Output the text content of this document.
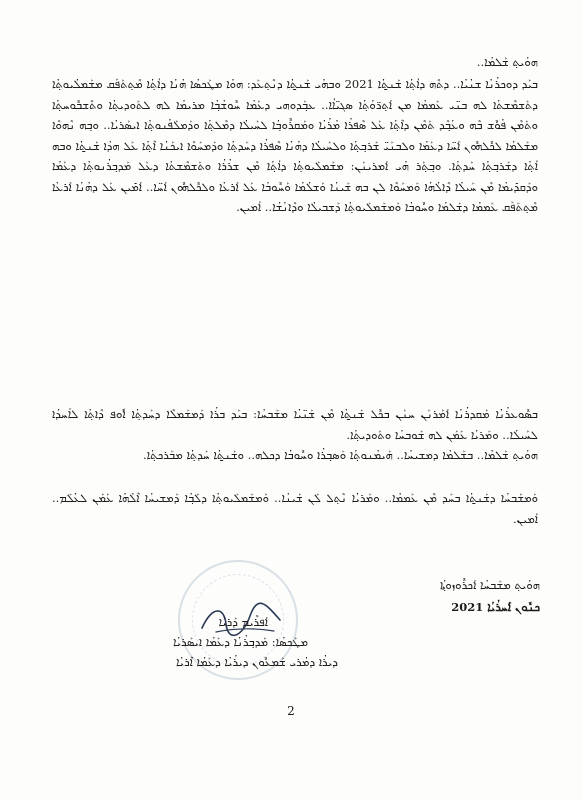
ܗܘܳܝܬ݂ ܫܰܠܡܳܐ..
ܒܝܰܕ ܕܘܟܪܳܢܳܐ ܫܢܳܝܳܐ.. ܕܬܶܗ ܕܐܳܬ݂ܳܐ ܫܰܢ̱ܬ݂ܳܐ 2021 ܘܒܗܳܝ ܫܰܢ̱ܬ݂ܳܐ ܕܢܶܬ݂ܥܰܕ: ܗܘܳܐ ܡܛܰܟܣܳܐ ܗܳܢܳܐ ܕܐܳܬ݂ܳܐ ܡܶܬ݂ܬܰܦܰܩ ܡܫܰܡܠܳܝܘܬ݂ܳܐ ܕܬܰܫܡܶܫܬܳܐ ܠܗ ܒܢ̈ܝ ܥܰܡܡܳܐ ܡܢ ܐܰܬ݂ܪ̈ܘܳܬ݂ܳܐ ܣܓܝ̈ܐܳܐ.. ܥܒ݂ܰܕܘܗܝ ܕܥܰܡܳܐ ܚܽܘܫܳܒ݂ܳܐ ܡܪܝܡܳܐ ܠܗ ܠܬܰܘܕܝܬ݂ܳܐ ܘܬܶܫܒܽܘܚܬ݂ܳܐ ܘܬܰܡܶܢ ܦܳܘܽܫ ܒܶܗ ܘܥܳܒ݂ܶܕ ܬܰܡܶܢ ܕܐܶܬ݂ܳܐ ܥܰܠ ܣܶܦܪܳܐ ܡܳܪܳܝܳܐ ܘܡܰܩܪܽܘܒ݂ܳܐ ܠܚܰܝܠܳܐ ܕܡܶܠܬ݂ܳܐ ܘܕܰܡܠܰܦܳܢܘܬ݂ܳܐ ܐܝܣܰܪܝܳܐ.. ܘܒ݂ܗ ܢܶܗܘܶܐ ܡܫܰܠܡܳܐ ܠܟܽܠܗܽܘܢ ܐܰܚ̈ܐ ܕܥܰܡܳܐ ܘܠܒܢܰܝ̈ ܫܰܪܒ݂ܬ݂ܳܐ ܘܠܚܰܝܠܳܐ ܕܗܳܢܳܐ ܣܶܦܪܳܐ ܕܚܰܕܬ݂ܳܐ ܘܕܰܡܚܰܘܶܐ ܐܝܟܰܢܳܐ ܐܶܬ݂ܳܐ ܥܰܠ ܗܕܳܐ ܫܰܢ̱ܬ݂ܳܐ ܘܒܗ ܐܳܬ݂ܳܐ ܕܫܰܪܒ݂ܬ݂ܳܐ ܚܰܕܬ݂ܳܐ. ܘܒ݂ܬ݂ܰܪ ܗܳܝ ܐܰܡܪܝܢܰܢ: ܡܫܰܡܠܰܝܘܬ݂ܳܐ ܕܐܳܬ݂ܳܐ ܡܶܢ ܫܪܳܪܳܐ ܘܬܰܫܡܶܫܬܳܐ ܕܥܰܠ ܡܰܕܒ݂ܪܳܢܘܬ݂ܳܐ ܕܥܰܡܳܐ ܘܕܰܩܕܺܝܡܳܐ ܡܶܢ ܚܰܝܠܳܐ ܕܶܐܠܳܗܳܐ ܘܰܡܚܰܘܶܐ ܠܢ ܒܗ ܫܰܝܢܳܐ ܘܰܫܠܳܡܳܐ ܘܰܚܽܘܒܳܐ ܥܰܠ ܐܰܪܥܳܐ ܘܠܟܽܠܗܽܘܢ ܐܰܚ̈ܐ.. ܐܰܡܺܝܢ ܥܰܠ ܕܗܳܢܳܐ ܐܰܪܥܳܐ ܡܶܬ݂ܬܰܦܰܩ ܥܰܡܡܳܐ ܕܫܰܠܡܳܐ ܘܚܽܘܒܳܐ ܘܰܡܫܰܡܠܰܝܘܬ݂ܳܐ ܕܰܫܒܝܠܳܐ ܘܕܶܐܢܳܫܳܐ.. ܐܳܡܝܢ.
ܒܣܽܘܥܪܳܢܳܐ ܡܰܩܕܪܳܢܳܐ ܐܰܡܰܪܢܰܢ ܚܢܰܢ ܒܟܽܠ ܫܰܢ̱ܬ݂ܳܐ ܡܶܢ ܫܰܢ̈ܝܳܐ ܡܫܰܒܚܳܐ: ܒܝܰܕ ܒܪܳܐ ܕܰܡܫܰܡܠܶܐ ܕܚܰܕܬ݂ܳܐ ܐܽܘܦ ܕܶܐܬ݂ܳܐ ܠܐܰܚܕܳܐ ܠܚܰܝܠܳܐ.. ܘܡܰܪܝܳܐ ܥܰܡܰܢ ܠܗ ܫܰܘܒܚܳܐ ܘܬܰܘܕܝܬ݂ܳܐ.
ܗܘܳܝܬ݂ ܫܰܠܡܳܐ.. ܒܫܰܠܡܳܐ ܕܡܫܝܚܳܐ.. ܗܰܝܡܳܢܘܬ݂ܳܐ ܘܰܣܒ݂ܪܳܐ ܘܚܽܘܒܳܐ ܕܟܠܗ.. ܘܫܰܢ̱ܬ݂ܳܐ ܚܰܕܬ݂ܳܐ ܡܒܰܪܟܬ݂ܳܐ.
ܘܰܡܫܰܒܚܳܐ ܕܫܰܢ̱ܬ݂ܳܐ ܒܚܰܕ ܡܶܢ ܥܰܡܡܳܐ.. ܘܡܰܪܝܳܐ ܢܶܬ݂ܠ ܠܰܢ ܫܰܝܢܳܐ.. ܘܰܡܫܰܡܠܰܝܘܬ݂ܳܐ ܕܠܰܒ݂ܳܐ ܕܰܡܫܝܚܳܐ ܐܶܠܳܗܳܐ ܥܰܡܰܢ ܠܥܳܠܰܡ.. ܐܳܡܝܢ.
ܗܘܳܝܬ݂ ܡܫܰܒܚܳܐ ܐܰܟܪܽܘܙܘܬ݂ܳܐ
ܟܢܽܘܢ ܐܰܚܪܳܝܳܐ 2021
ܐܰܦܪܶܝܡ ܕܰܪܝܳܐ
ܡܛܰܟܣܳܐ: ܡܰܕܒ݂ܪܳܢܳܐ ܕܥܰܡܳܐ ܐܝܣܰܪܝܳܐ
ܕܝܪܳܐ ܕܡܳܪܝ ܫܰܡܥܽܘܢ ܕܝܪܳܝܳܐ ܕܥܰܡܳܐ ܐܶܪܝܳܐ
2
